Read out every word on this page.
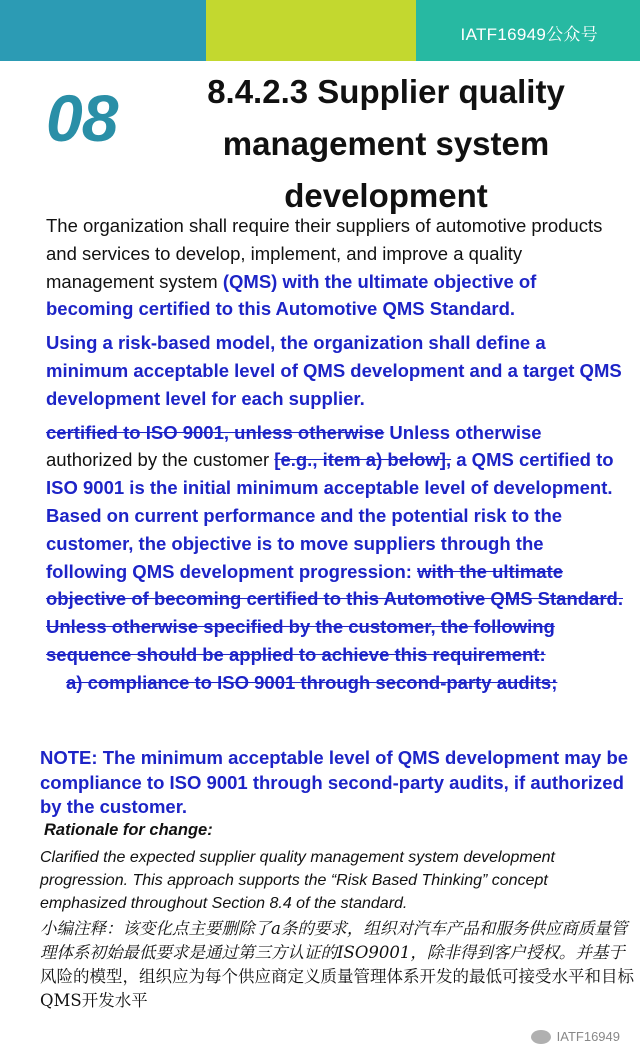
IATF16949公众号
08	8.4.2.3 Supplier quality management system development
The organization shall require their suppliers of automotive products and services to develop, implement, and improve a quality management system (QMS) with the ultimate objective of becoming certified to this Automotive QMS Standard.
Using a risk-based model, the organization shall define a minimum acceptable level of QMS development and a target QMS development level for each supplier.
certified to ISO 9001, unless otherwise Unless otherwise authorized by the customer [e.g., item a) below], a QMS certified to ISO 9001 is the initial minimum acceptable level of development. Based on current performance and the potential risk to the customer, the objective is to move suppliers through the following QMS development progression: with the ultimate objective of becoming certified to this Automotive QMS Standard. Unless otherwise specified by the customer, the following sequence should be applied to achieve this requirement:
a) compliance to ISO 9001 through second-party audits;
NOTE: The minimum acceptable level of QMS development may be compliance to ISO 9001 through second-party audits, if authorized by the customer.
Rationale for change:
Clarified the expected supplier quality management system development progression. This approach supports the “Risk Based Thinking” concept emphasized throughout Section 8.4 of the standard.
小编注释：该变化点主要删除了a条的要求，组织对汽车产品和服务供应商质量管理体系初始最低要求是通过第三方认证的ISO9001，除非得到客户授权。并基于风险的模型，组织应为每个供应商定义质量管理体系开发的最低可接受水平和目标QMS开发水平
IATF16949
